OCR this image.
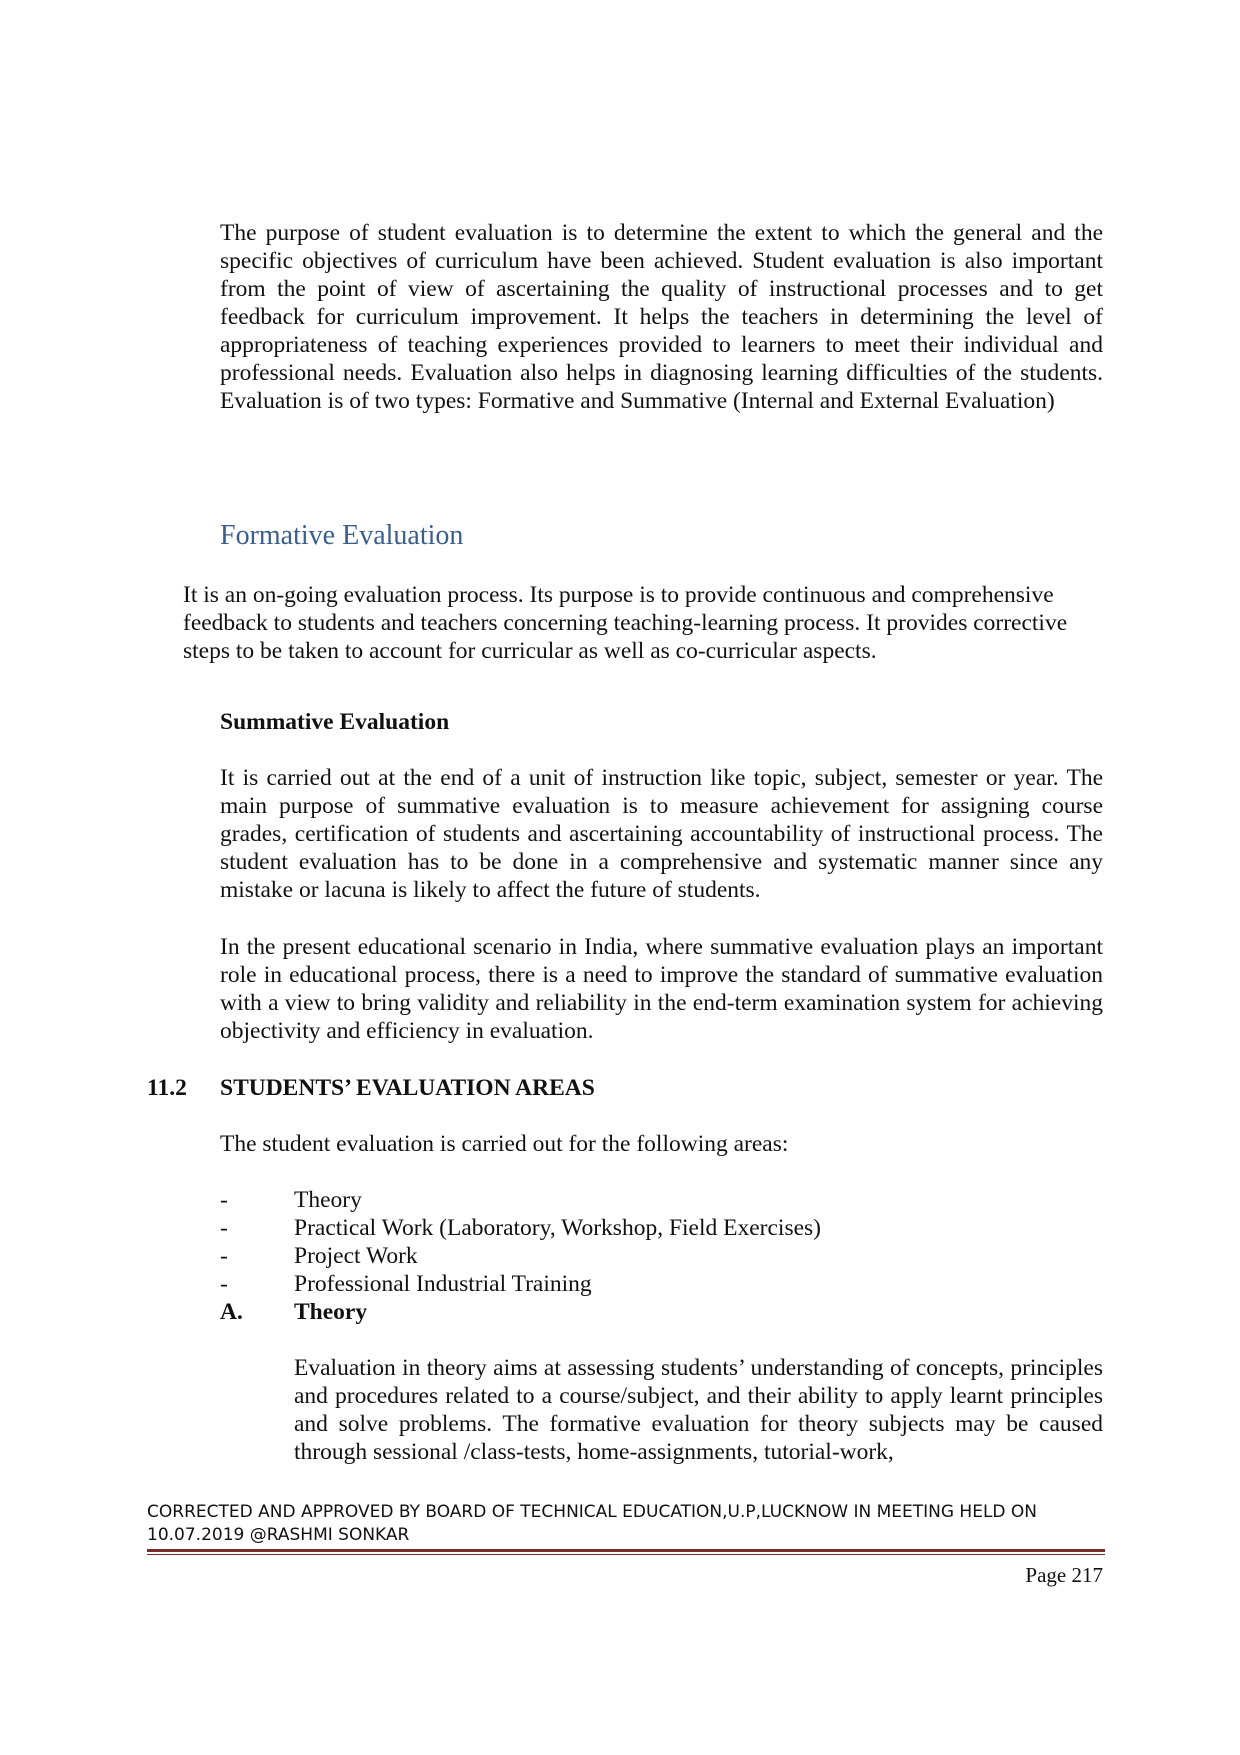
The purpose of student evaluation is to determine the extent to which the general and the specific objectives of curriculum have been achieved. Student evaluation is also important from the point of view of ascertaining the quality of instructional processes and to get feedback for curriculum improvement. It helps the teachers in determining the level of appropriateness of teaching experiences provided to learners to meet their individual and professional needs. Evaluation also helps in diagnosing learning difficulties of the students. Evaluation is of two types: Formative and Summative (Internal and External Evaluation)

Formative Evaluation

It is an on-going evaluation process. Its purpose is to provide continuous and comprehensive feedback to students and teachers concerning teaching-learning process. It provides corrective steps to be taken to account for curricular as well as co-curricular aspects.

Summative Evaluation

It is carried out at the end of a unit of instruction like topic, subject, semester or year. The main purpose of summative evaluation is to measure achievement for assigning course grades, certification of students and ascertaining accountability of instructional process. The student evaluation has to be done in a comprehensive and systematic manner since any mistake or lacuna is likely to affect the future of students.

In the present educational scenario in India, where summative evaluation plays an important role in educational process, there is a need to improve the standard of summative evaluation with a view to bring validity and reliability in the end-term examination system for achieving objectivity and efficiency in evaluation.

11.2 STUDENTS’ EVALUATION AREAS
The student evaluation is carried out for the following areas:
-	Theory
-	Practical Work (Laboratory, Workshop, Field Exercises)
-	Project Work
-	Professional Industrial Training
A.	Theory

Evaluation in theory aims at assessing students’ understanding of concepts, principles and procedures related to a course/subject, and their ability to apply learnt principles and solve problems. The formative evaluation for theory subjects may be caused through sessional /class-tests, home-assignments, tutorial-work,

CORRECTED AND APPROVED BY BOARD OF TECHNICAL EDUCATION,U.P,LUCKNOW IN MEETING HELD ON
10.07.2019 @RASHMI SONKAR
Page 217
